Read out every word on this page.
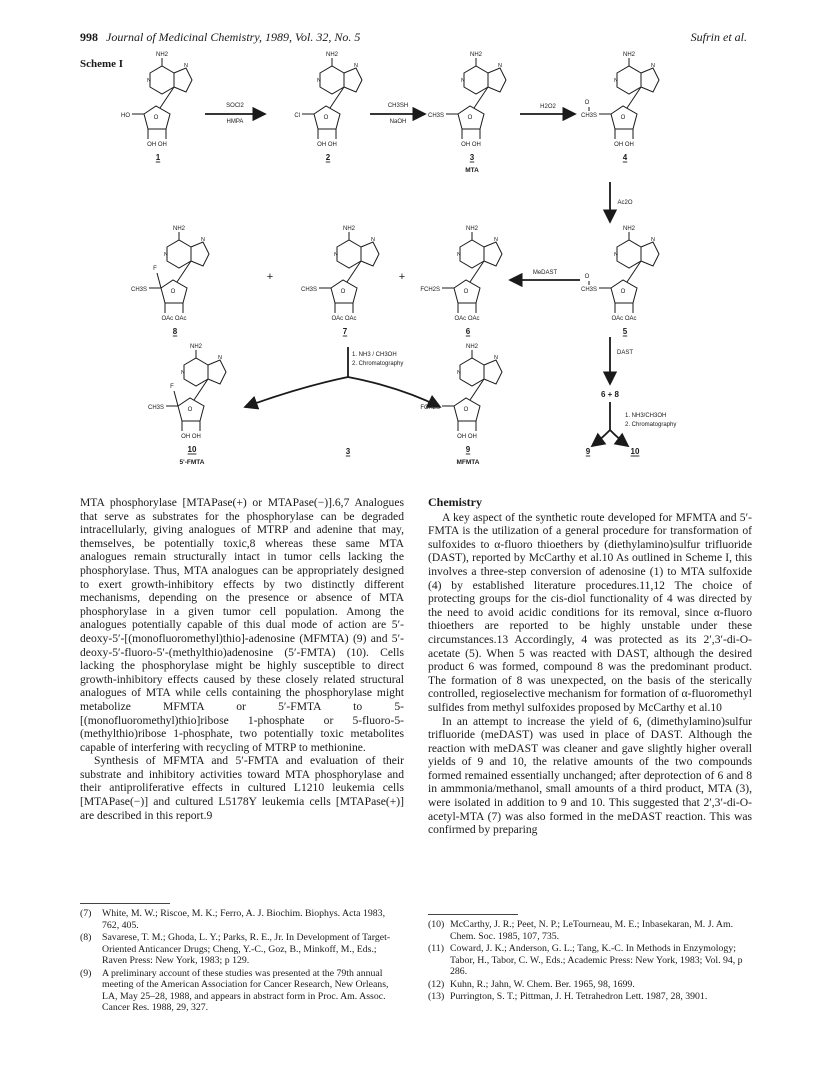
998 Journal of Medicinal Chemistry, 1989, Vol. 32, No. 5	Sufrin et al.
Scheme I
NH2
N
N
O
OH OH
HO
1
NH2
N
N
O
OH OH
Cl
2
NH2
N
N
O
OH OH
CH3S
3
MTA
NH2
N
N
O
OH OH
CH3S
O
4
NH2
N
N
O
OAc OAc
CH3S
F
8
NH2
N
N
O
OAc OAc
CH3S
7
NH2
N
N
O
OAc OAc
FCH2S
6
NH2
N
N
O
OAc OAc
CH3S
O
5
NH2
N
N
O
OH OH
CH3S
F
10
5'-FMTA
NH2
N
N
O
OH OH
FCH2S
9
MFMTA
3
+	+
SOCl2
HMPA
CH3SH
NaOH
H2O2
Ac2O
MeDAST
DAST
1. NH3 / CH3OH
2. Chromatography
1. NH3/CH3OH
2. Chromatography
6 + 8
9	10

MTA phosphorylase [MTAPase(+) or MTAPase(−)].6,7 Analogues that serve as substrates for the phosphorylase can be degraded intracellularly, giving analogues of MTRP and adenine that may, themselves, be potentially toxic,8 whereas these same MTA analogues remain structurally intact in tumor cells lacking the phosphorylase. Thus, MTA analogues can be appropriately designed to exert growth-inhibitory effects by two distinctly different mechanisms, depending on the presence or absence of MTA phosphorylase in a given tumor cell population. Among the analogues potentially capable of this dual mode of action are 5′-deoxy-5′-[(monofluoromethyl)thio]-adenosine (MFMTA) (9) and 5′-deoxy-5′-fluoro-5′-(methylthio)adenosine (5′-FMTA) (10). Cells lacking the phosphorylase might be highly susceptible to direct growth-inhibitory effects caused by these closely related structural analogues of MTA while cells containing the phosphorylase might metabolize MFMTA or 5′-FMTA to 5-[(monofluoromethyl)thio]ribose 1-phosphate or 5-fluoro-5-(methylthio)ribose 1-phosphate, two potentially toxic metabolites capable of interfering with recycling of MTRP to methionine.

Synthesis of MFMTA and 5′-FMTA and evaluation of their substrate and inhibitory activities toward MTA phosphorylase and their antiproliferative effects in cultured L1210 leukemia cells [MTAPase(−)] and cultured L5178Y leukemia cells [MTAPase(+)] are described in this report.9

Chemistry

A key aspect of the synthetic route developed for MFMTA and 5′-FMTA is the utilization of a general procedure for transformation of sulfoxides to α-fluoro thioethers by (diethylamino)sulfur trifluoride (DAST), reported by McCarthy et al.10 As outlined in Scheme I, this involves a three-step conversion of adenosine (1) to MTA sulfoxide (4) by established literature procedures.11,12 The choice of protecting groups for the cis-diol functionality of 4 was directed by the need to avoid acidic conditions for its removal, since α-fluoro thioethers are reported to be highly unstable under these circumstances.13 Accordingly, 4 was protected as its 2′,3′-di-O-acetate (5). When 5 was reacted with DAST, although the desired product 6 was formed, compound 8 was the predominant product. The formation of 8 was unexpected, on the basis of the sterically controlled, regioselective mechanism for formation of α-fluoromethyl sulfides from methyl sulfoxides proposed by McCarthy et al.10

In an attempt to increase the yield of 6, (dimethylamino)sulfur trifluoride (meDAST) was used in place of DAST. Although the reaction with meDAST was cleaner and gave slightly higher overall yields of 9 and 10, the relative amounts of the two compounds formed remained essentially unchanged; after deprotection of 6 and 8 in ammmonia/methanol, small amounts of a third product, MTA (3), were isolated in addition to 9 and 10. This suggested that 2′,3′-di-O-acetyl-MTA (7) was also formed in the meDAST reaction. This was confirmed by preparing

(7)	White, M. W.; Riscoe, M. K.; Ferro, A. J. Biochim. Biophys. Acta 1983, 762, 405.
(8)	Savarese, T. M.; Ghoda, L. Y.; Parks, R. E., Jr. In Development of Target-Oriented Anticancer Drugs; Cheng, Y.-C., Goz, B., Minkoff, M., Eds.; Raven Press: New York, 1983; p 129.
(9)	A preliminary account of these studies was presented at the 79th annual meeting of the American Association for Cancer Research, New Orleans, LA, May 25–28, 1988, and appears in abstract form in Proc. Am. Assoc. Cancer Res. 1988, 29, 327.
(10) McCarthy, J. R.; Peet, N. P.; LeTourneau, M. E.; Inbasekaran, M. J. Am. Chem. Soc. 1985, 107, 735.
(11) Coward, J. K.; Anderson, G. L.; Tang, K.-C. In Methods in Enzymology; Tabor, H., Tabor, C. W., Eds.; Academic Press: New York, 1983; Vol. 94, p 286.
(12) Kuhn, R.; Jahn, W. Chem. Ber. 1965, 98, 1699.
(13) Purrington, S. T.; Pittman, J. H. Tetrahedron Lett. 1987, 28, 3901.
